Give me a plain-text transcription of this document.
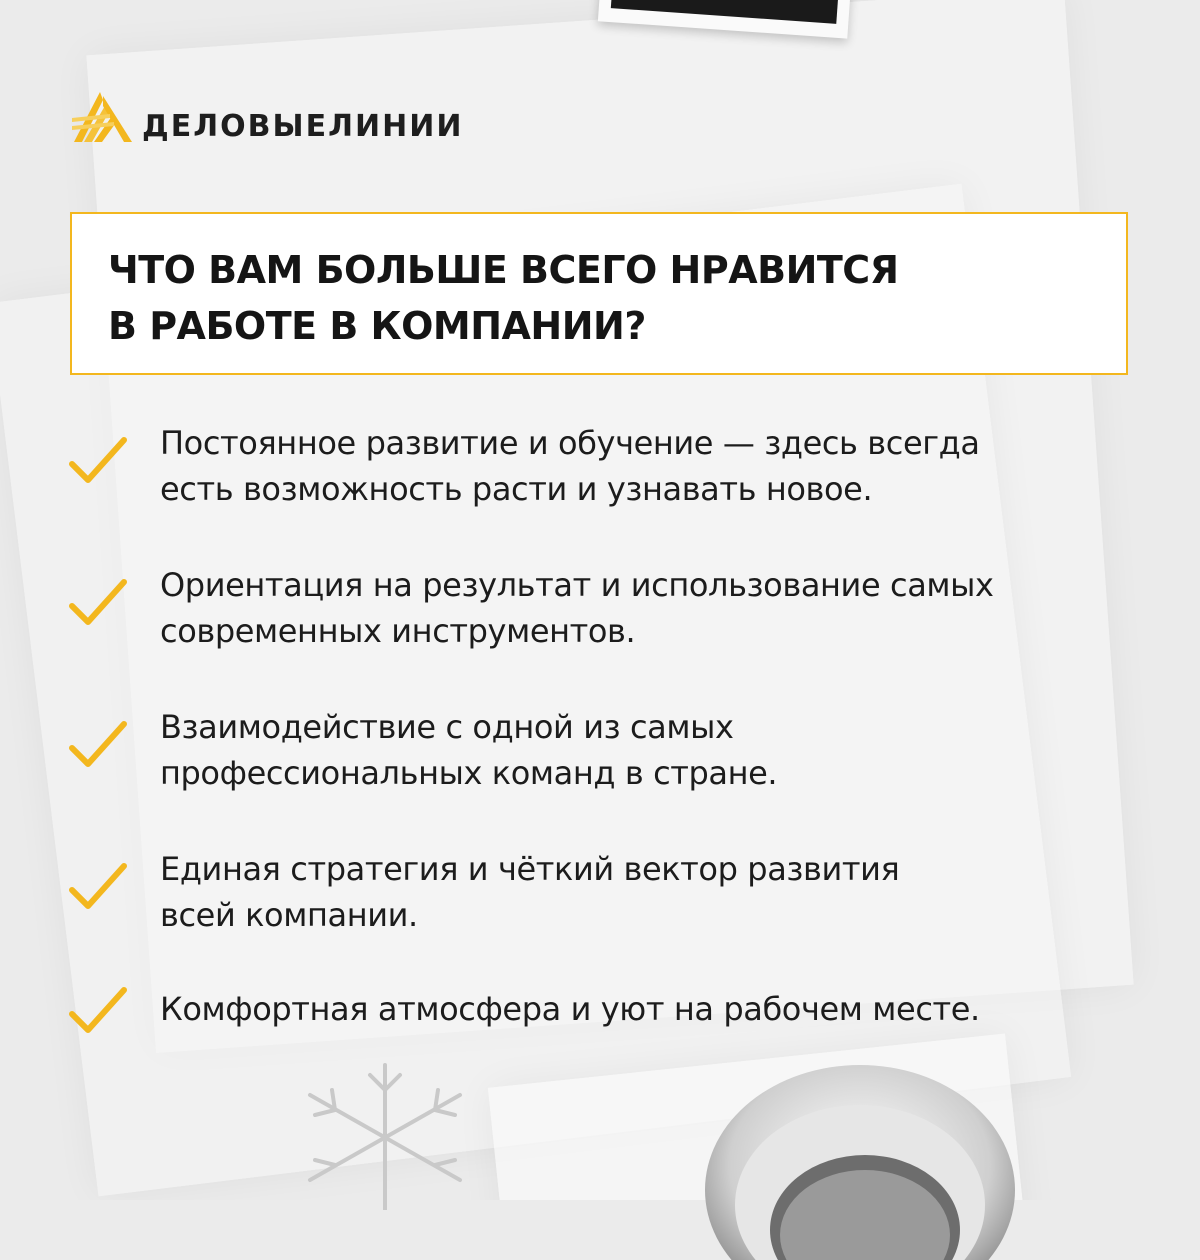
ДЕЛОВЫЕЛИНИИ
ЧТО ВАМ БОЛЬШЕ ВСЕГО НРАВИТСЯ
В РАБОТЕ В КОМПАНИИ?
Постоянное развитие и обучение — здесь всегда
есть возможность расти и узнавать новое.
Ориентация на результат и использование самых
современных инструментов.
Взаимодействие с одной из самых
профессиональных команд в стране.
Единая стратегия и чёткий вектор развития
всей компании.
Комфортная атмосфера и уют на рабочем месте.
